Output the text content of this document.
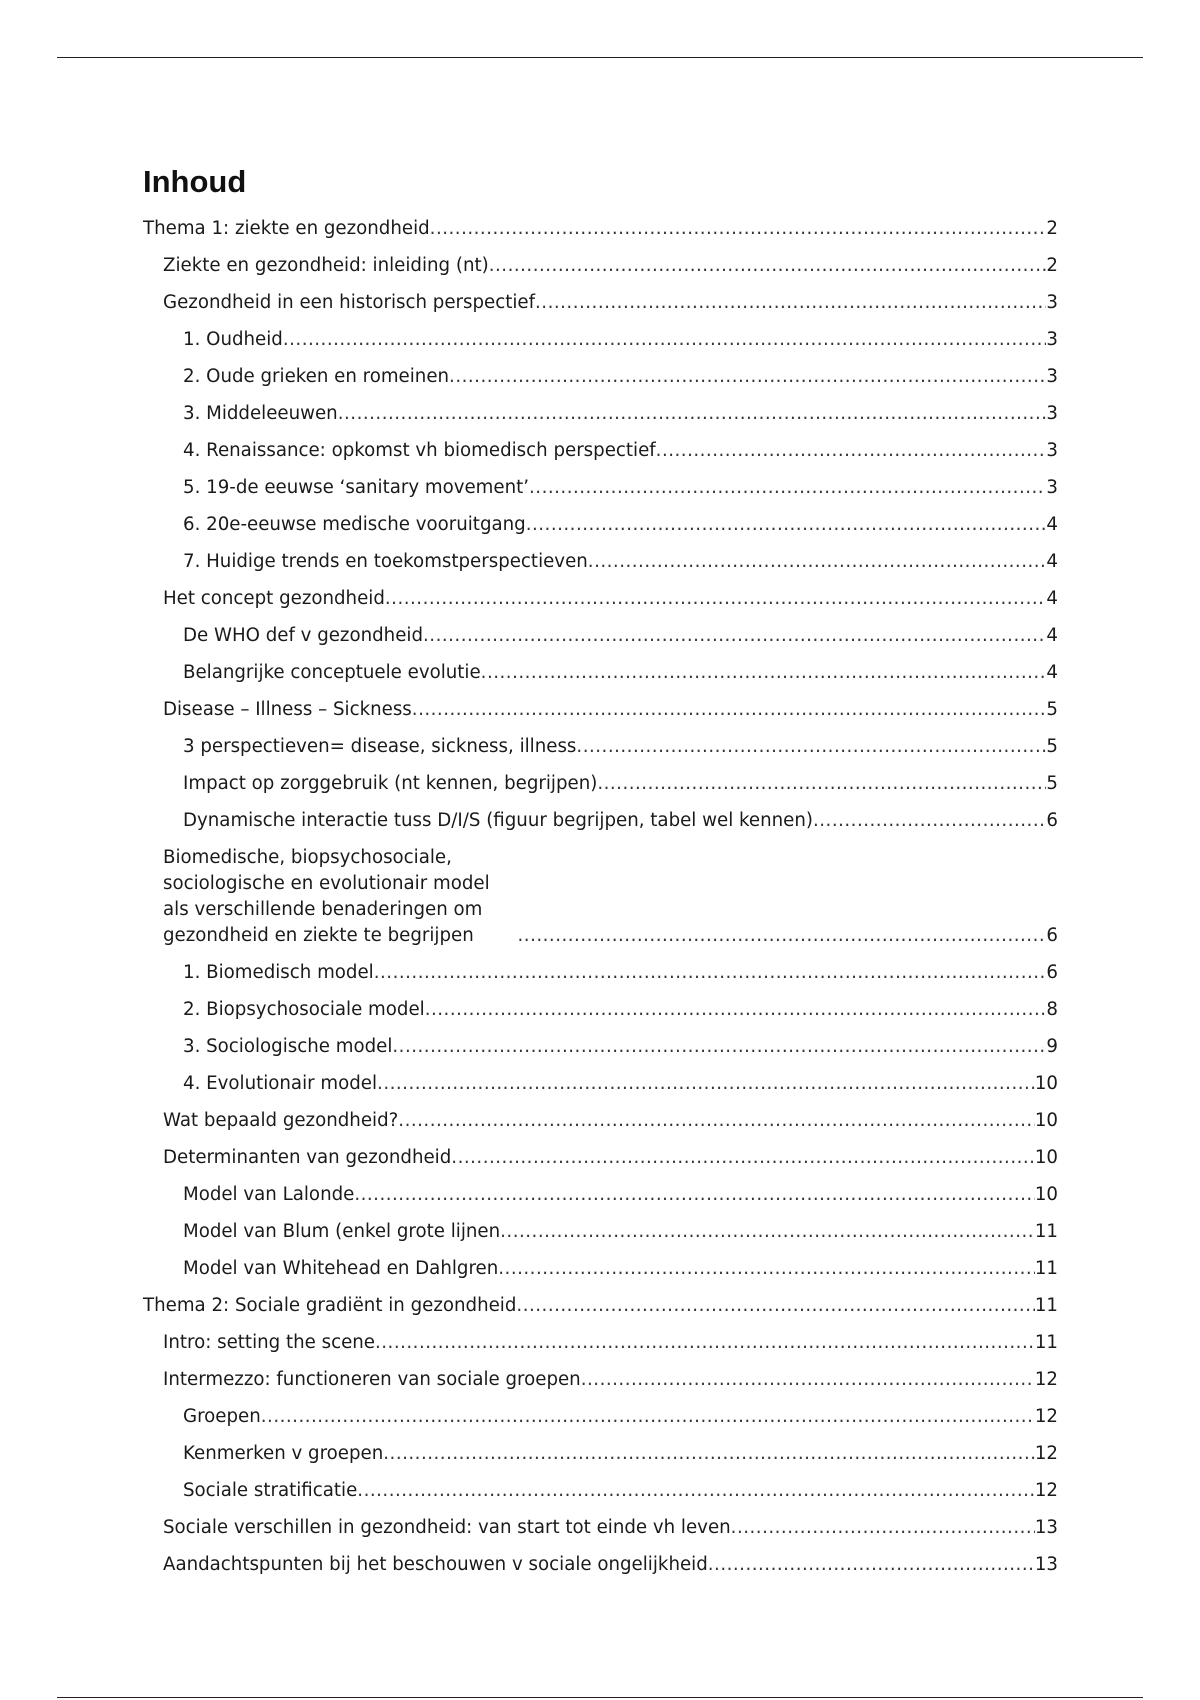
Inhoud
Thema 1: ziekte en gezondheid .....	2
Ziekte en gezondheid: inleiding (nt) .....	2
Gezondheid in een historisch perspectief .....	3
1. Oudheid .....	3
2. Oude grieken en romeinen .....	3
3. Middeleeuwen .....	3
4. Renaissance: opkomst vh biomedisch perspectief .....	3
5. 19-de eeuwse ‘sanitary movement’ .....	3
6. 20e-eeuwse medische vooruitgang .....	4
7. Huidige trends en toekomstperspectieven .....	4
Het concept gezondheid .....	4
De WHO def v gezondheid .....	4
Belangrijke conceptuele evolutie .....	4
Disease – Illness – Sickness .....	5
3 perspectieven= disease, sickness, illness .....	5
Impact op zorggebruik (nt kennen, begrijpen) .....	5
Dynamische interactie tuss D/I/S (figuur begrijpen, tabel wel kennen) .....	6
Biomedische, biopsychosociale, sociologische en evolutionair model als verschillende benaderingen om gezondheid en ziekte te begrijpen .....	6
1. Biomedisch model .....	6
2. Biopsychosociale model .....	8
3. Sociologische model .....	9
4. Evolutionair model .....	10
Wat bepaald gezondheid? .....	10
Determinanten van gezondheid .....	10
Model van Lalonde .....	10
Model van Blum (enkel grote lijnen .....	11
Model van Whitehead en Dahlgren .....	11
Thema 2: Sociale gradiënt in gezondheid .....	11
Intro: setting the scene .....	11
Intermezzo: functioneren van sociale groepen .....	12
Groepen .....	12
Kenmerken v groepen .....	12
Sociale stratificatie .....	12
Sociale verschillen in gezondheid: van start tot einde vh leven .....	13
Aandachtspunten bij het beschouwen v sociale ongelijkheid .....	13
